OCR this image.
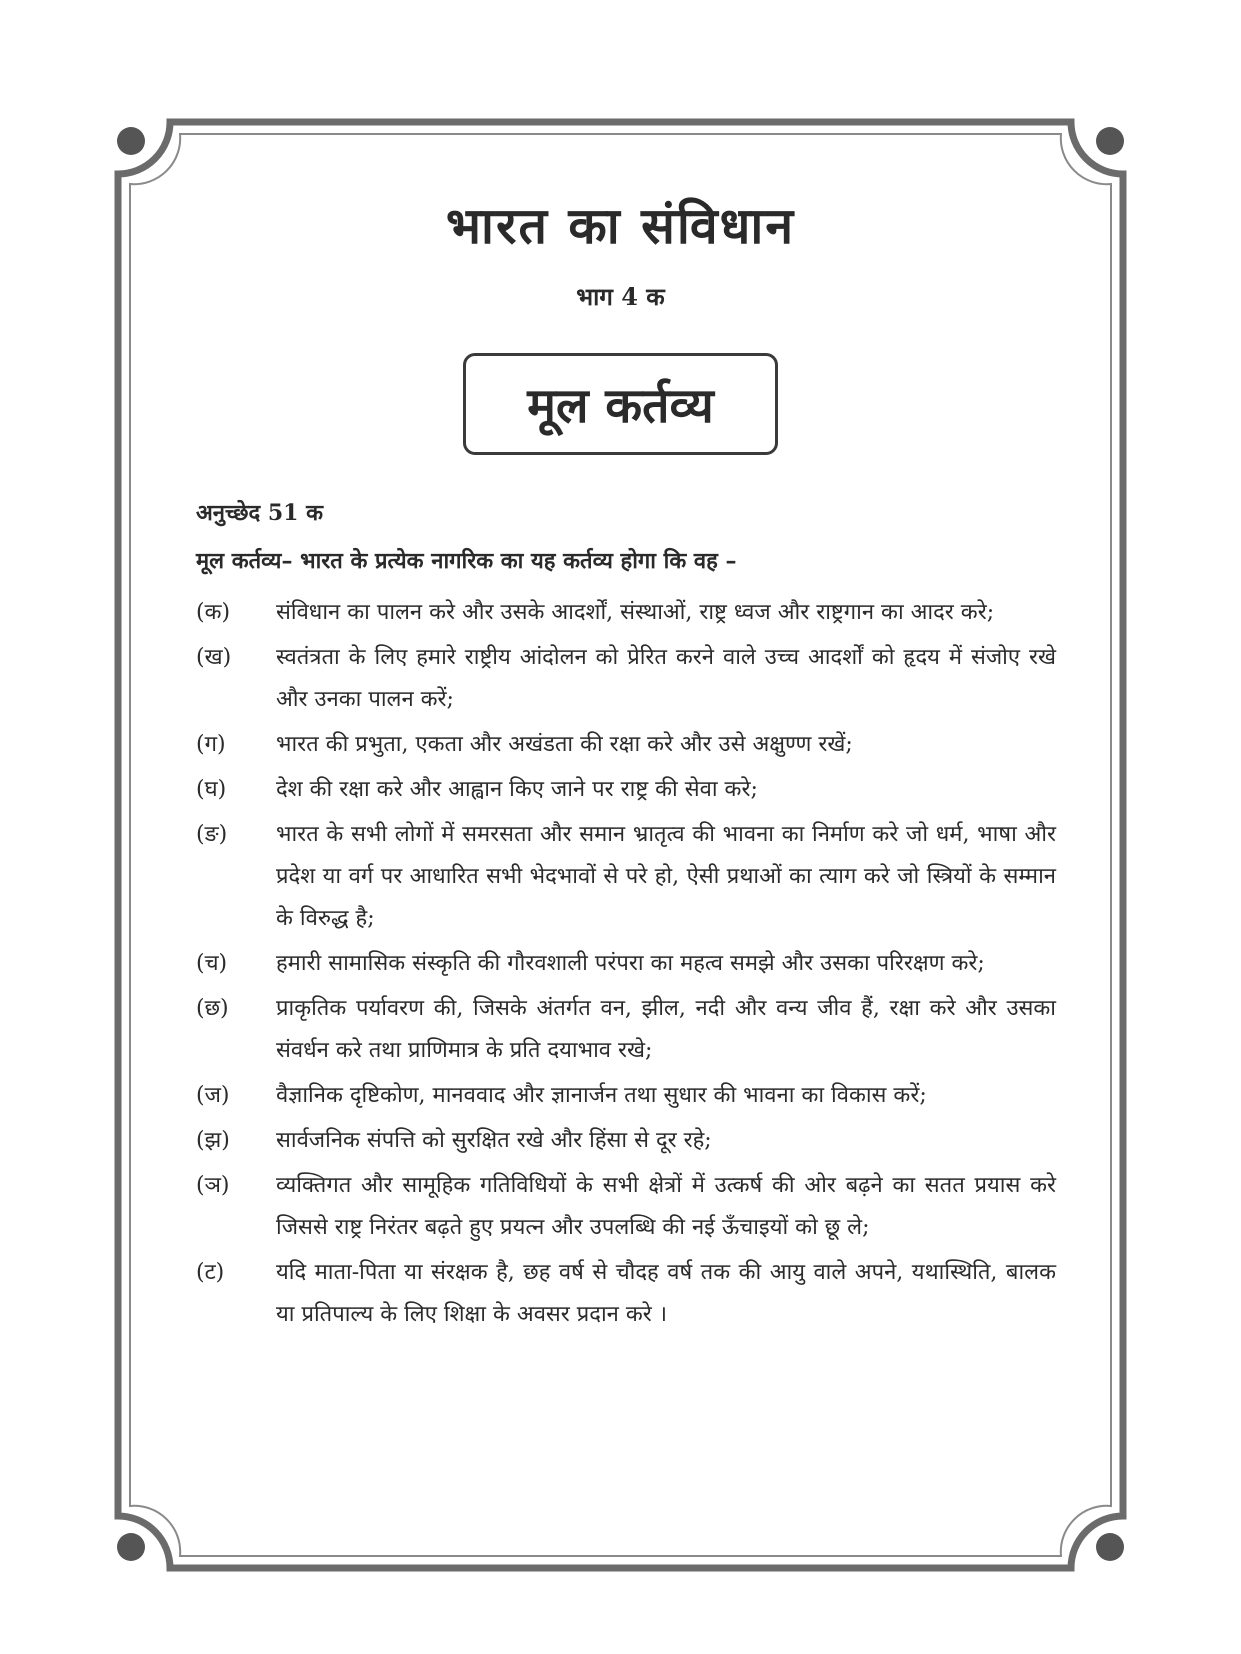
भारत का संविधान
भाग 4 क
मूल कर्तव्य
अनुच्छेद 51 क
मूल कर्तव्य– भारत के प्रत्येक नागरिक का यह कर्तव्य होगा कि वह –
(क)	संविधान का पालन करे और उसके आदर्शों, संस्थाओं, राष्ट्र ध्वज और राष्ट्रगान का आदर करे;
(ख)	स्वतंत्रता के लिए हमारे राष्ट्रीय आंदोलन को प्रेरित करने वाले उच्च आदर्शों को हृदय में संजोए रखे और उनका पालन करें;
(ग)	भारत की प्रभुता, एकता और अखंडता की रक्षा करे और उसे अक्षुण्ण रखें;
(घ)	देश की रक्षा करे और आह्वान किए जाने पर राष्ट्र की सेवा करे;
(ङ)	भारत के सभी लोगों में समरसता और समान भ्रातृत्व की भावना का निर्माण करे जो धर्म, भाषा और प्रदेश या वर्ग पर आधारित सभी भेदभावों से परे हो, ऐसी प्रथाओं का त्याग करे जो स्त्रियों के सम्मान के विरुद्ध है;
(च)	हमारी सामासिक संस्कृति की गौरवशाली परंपरा का महत्व समझे और उसका परिरक्षण करे;
(छ)	प्राकृतिक पर्यावरण की, जिसके अंतर्गत वन, झील, नदी और वन्य जीव हैं, रक्षा करे और उसका संवर्धन करे तथा प्राणिमात्र के प्रति दयाभाव रखे;
(ज)	वैज्ञानिक दृष्टिकोण, मानववाद और ज्ञानार्जन तथा सुधार की भावना का विकास करें;
(झ)	सार्वजनिक संपत्ति को सुरक्षित रखे और हिंसा से दूर रहे;
(ञ)	व्यक्तिगत और सामूहिक गतिविधियों के सभी क्षेत्रों में उत्कर्ष की ओर बढ़ने का सतत प्रयास करे जिससे राष्ट्र निरंतर बढ़ते हुए प्रयत्न और उपलब्धि की नई ऊँचाइयों को छू ले;
(ट)	यदि माता-पिता या संरक्षक है, छह वर्ष से चौदह वर्ष तक की आयु वाले अपने, यथास्थिति, बालक या प्रतिपाल्य के लिए शिक्षा के अवसर प्रदान करे ।
